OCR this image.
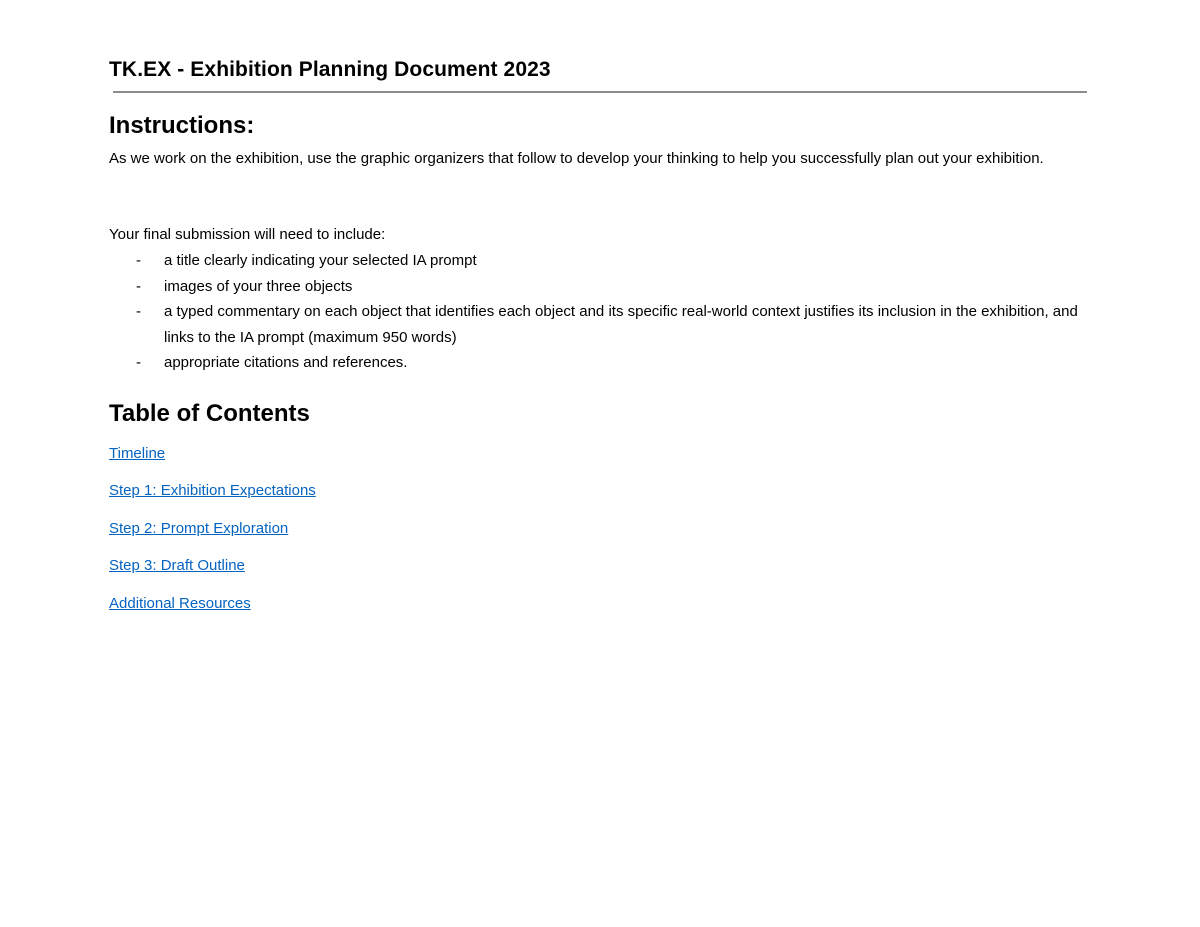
TK.EX - Exhibition Planning Document 2023
Instructions:
As we work on the exhibition, use the graphic organizers that follow to develop your thinking to help you successfully plan out your exhibition.
Your final submission will need to include:
- a title clearly indicating your selected IA prompt
- images of your three objects
- a typed commentary on each object that identifies each object and its specific real-world context justifies its inclusion in the exhibition, and links to the IA prompt (maximum 950 words)
- appropriate citations and references.
Table of Contents
Timeline
Step 1: Exhibition Expectations
Step 2: Prompt Exploration
Step 3: Draft Outline
Additional Resources
